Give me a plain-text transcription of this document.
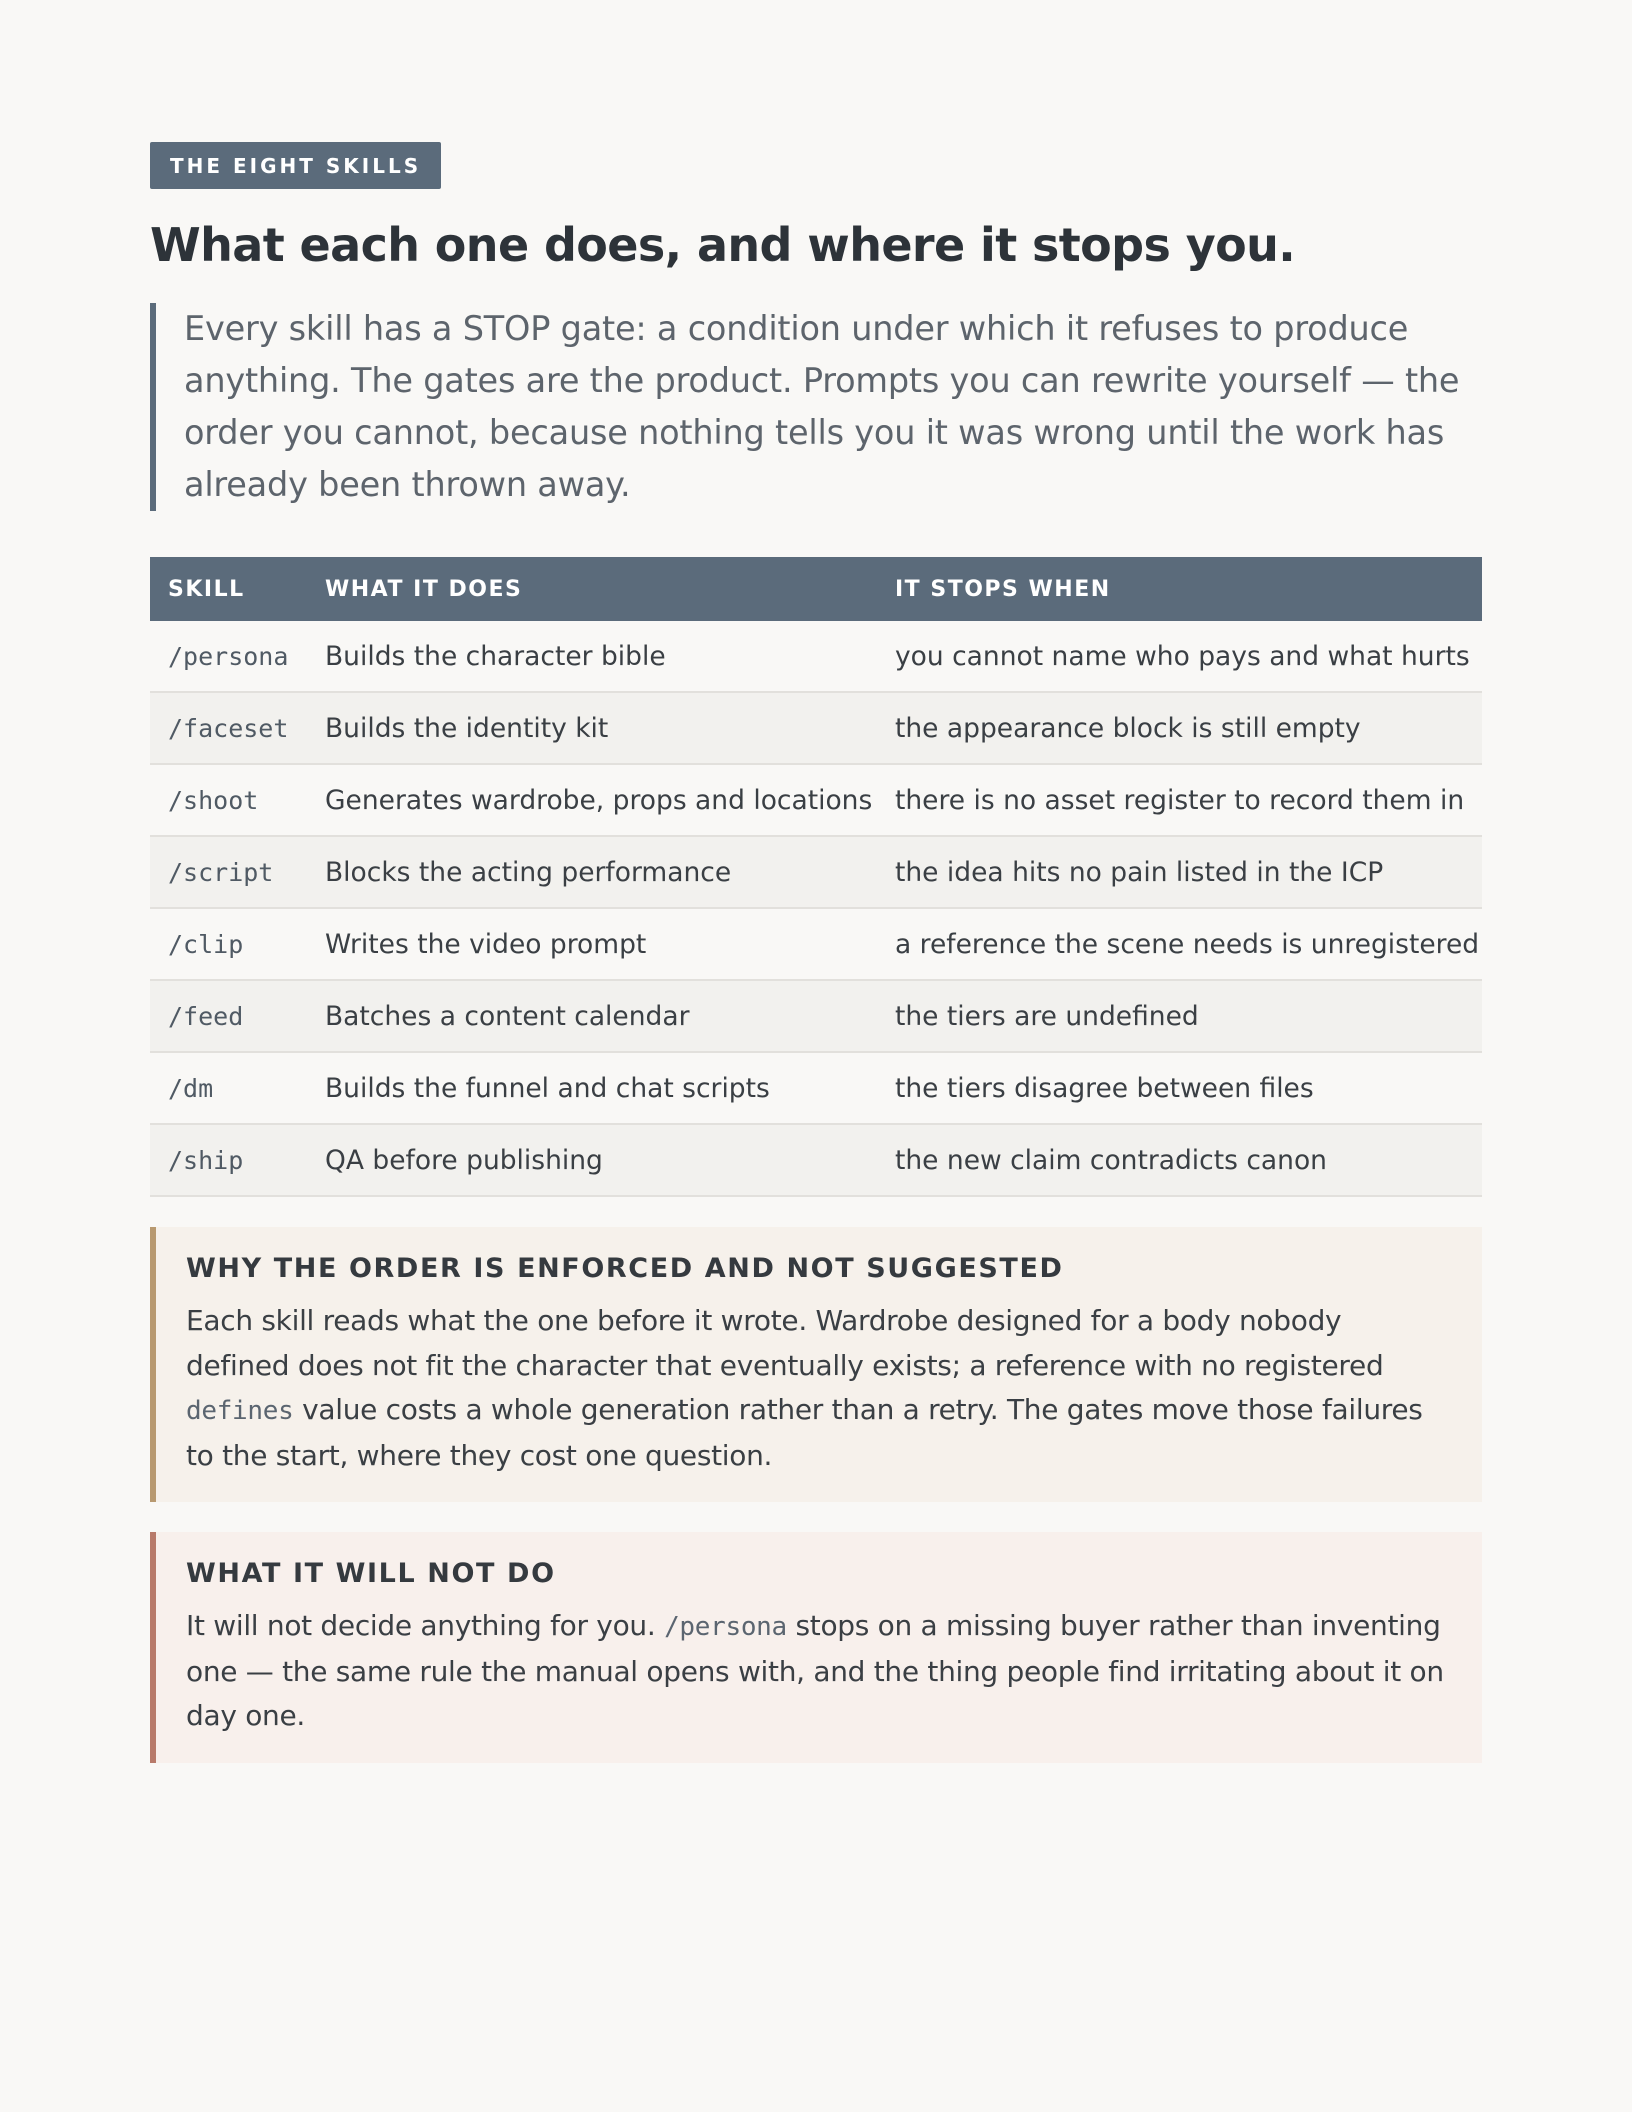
THE EIGHT SKILLS
What each one does, and where it stops you.
Every skill has a STOP gate: a condition under which it refuses to produce anything. The gates are the product. Prompts you can rewrite yourself — the order you cannot, because nothing tells you it was wrong until the work has already been thrown away.
SKILL	WHAT IT DOES	IT STOPS WHEN
/persona	Builds the character bible	you cannot name who pays and what hurts
/faceset	Builds the identity kit	the appearance block is still empty
/shoot	Generates wardrobe, props and locations	there is no asset register to record them in
/script	Blocks the acting performance	the idea hits no pain listed in the ICP
/clip	Writes the video prompt	a reference the scene needs is unregistered
/feed	Batches a content calendar	the tiers are undefined
/dm	Builds the funnel and chat scripts	the tiers disagree between files
/ship	QA before publishing	the new claim contradicts canon
WHY THE ORDER IS ENFORCED AND NOT SUGGESTED
Each skill reads what the one before it wrote. Wardrobe designed for a body nobody defined does not fit the character that eventually exists; a reference with no registered defines value costs a whole generation rather than a retry. The gates move those failures to the start, where they cost one question.
WHAT IT WILL NOT DO
It will not decide anything for you. /persona stops on a missing buyer rather than inventing one — the same rule the manual opens with, and the thing people find irritating about it on day one.
